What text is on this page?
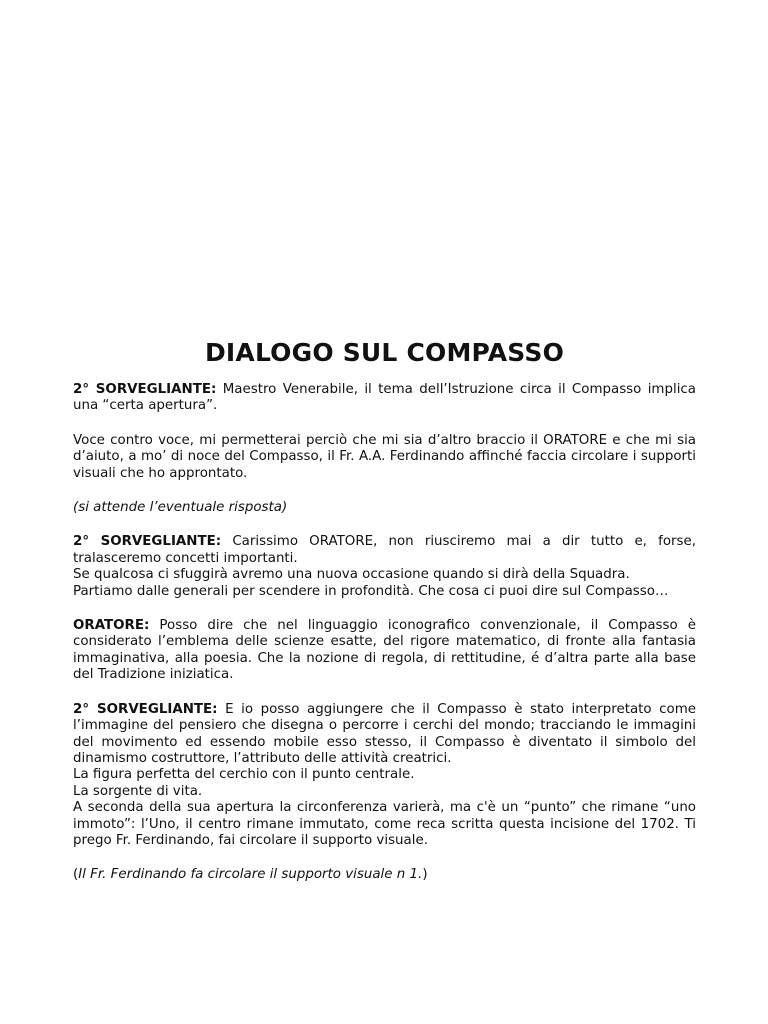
DIALOGO SUL COMPASSO

2° SORVEGLIANTE: Maestro Venerabile, il tema dell’Istruzione circa il Compasso implica una “certa apertura”.

Voce contro voce, mi permetterai perciò che mi sia d’altro braccio il ORATORE e che mi sia d’aiuto, a mo’ di noce del Compasso, il Fr. A.A. Ferdinando affinché faccia circolare i supporti visuali che ho approntato.

(si attende l’eventuale risposta)

2° SORVEGLIANTE: Carissimo ORATORE, non riusciremo mai a dir tutto e, forse, tralasceremo concetti importanti.
Se qualcosa ci sfuggirà avremo una nuova occasione quando si dirà della Squadra.
Partiamo dalle generali per scendere in profondità. Che cosa ci puoi dire sul Compasso…

ORATORE: Posso dire che nel linguaggio iconografico convenzionale, il Compasso è considerato l’emblema delle scienze esatte, del rigore matematico, di fronte alla fantasia immaginativa, alla poesia. Che la nozione di regola, di rettitudine, é d’altra parte alla base del Tradizione iniziatica.

2° SORVEGLIANTE: E io posso aggiungere che il Compasso è stato interpretato come l’immagine del pensiero che disegna o percorre i cerchi del mondo; tracciando le immagini del movimento ed essendo mobile esso stesso, il Compasso è diventato il simbolo del dinamismo costruttore, l’attributo delle attività creatrici.
La figura perfetta del cerchio con il punto centrale.
La sorgente di vita.
A seconda della sua apertura la circonferenza varierà, ma c'è un “punto” che rimane “uno immoto”: l’Uno, il centro rimane immutato, come reca scritta questa incisione del 1702. Ti prego Fr. Ferdinando, fai circolare il supporto visuale.

(Il Fr. Ferdinando fa circolare il supporto visuale n 1.)
